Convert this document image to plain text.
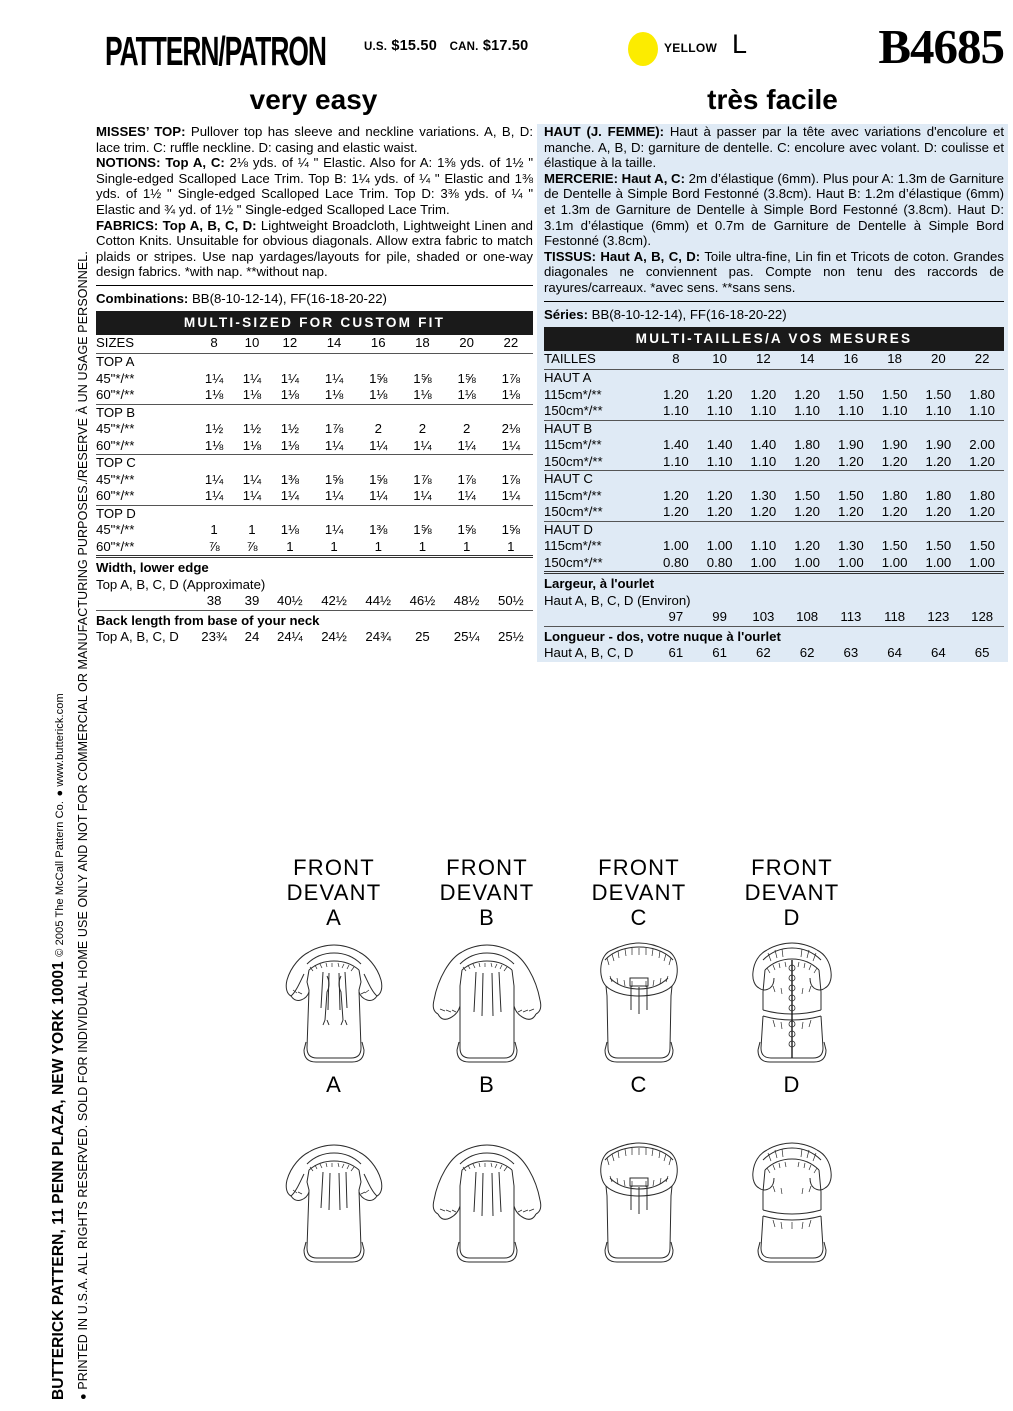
● PRINTED IN U.S.A. ALL RIGHTS RESERVED. SOLD FOR INDIVIDUAL HOME USE ONLY AND NOT FOR COMMERCIAL OR MANUFACTURING PURPOSES./RESERVE À UN USAGE PERSONNEL.
BUTTERICK PATTERN, 11 PENN PLAZA, NEW YORK 10001 © 2005 The McCall Pattern Co. ● www.butterick.com
PATTERN/PATRON	U.S. $15.50 CAN. $17.50	YELLOW L	B4685
very easy	très facile

MISSES’ TOP: Pullover top has sleeve and neckline variations. A, B, D: lace trim. C: ruffle neckline. D: casing and elastic waist.

NOTIONS: Top A, C: 2⅛ yds. of ¼ " Elastic. Also for A: 1⅜ yds. of 1½ " Single-edged Scalloped Lace Trim. Top B: 1¼ yds. of ¼ " Elastic and 1⅜ yds. of 1½ " Single-edged Scalloped Lace Trim. Top D: 3⅜ yds. of ¼ " Elastic and ¾ yd. of 1½ " Single-edged Scalloped Lace Trim.

FABRICS: Top A, B, C, D: Lightweight Broadcloth, Lightweight Linen and Cotton Knits. Unsuitable for obvious diagonals. Allow extra fabric to match plaids or stripes. Use nap yardages/layouts for pile, shaded or one-way design fabrics. *with nap. **without nap.

Combinations: BB(8-10-12-14), FF(16-18-20-22)
MULTI-SIZED FOR CUSTOM FIT
SIZES	8	10	12	14	16	18	20	22
TOP A								
45"*/**	1¼	1¼	1¼	1¼	1⅝	1⅝	1⅝	1⅞
60"*/**	1⅛	1⅛	1⅛	1⅛	1⅛	1⅛	1⅛	1⅛
TOP B								
45"*/**	1½	1½	1½	1⅞	2	2	2	2⅛
60"*/**	1⅛	1⅛	1⅛	1¼	1¼	1¼	1¼	1¼
TOP C								
45"*/**	1¼	1¼	1⅜	1⅝	1⅝	1⅞	1⅞	1⅞
60"*/**	1¼	1¼	1¼	1¼	1¼	1¼	1¼	1¼
TOP D								
45"*/**	1	1	1⅛	1¼	1⅜	1⅝	1⅝	1⅝
60"*/**	⅞	⅞	1	1	1	1	1	1
Width, lower edge								
Top A, B, C, D (Approximate)								
	38	39	40½	42½	44½	46½	48½	50½
Back length from base of your neck								
Top A, B, C, D	23¾	24	24¼	24½	24¾	25	25¼	25½

HAUT (J. FEMME): Haut à passer par la tête avec variations d'encolure et manche. A, B, D: garniture de dentelle. C: encolure avec volant. D: coulisse et élastique à la taille.

MERCERIE: Haut A, C: 2m d’élastique (6mm). Plus pour A: 1.3m de Garniture de Dentelle à Simple Bord Festonné (3.8cm). Haut B: 1.2m d’élastique (6mm) et 1.3m de Garniture de Dentelle à Simple Bord Festonné (3.8cm). Haut D: 3.1m d’élastique (6mm) et 0.7m de Garniture de Dentelle à Simple Bord Festonné (3.8cm).

TISSUS: Haut A, B, C, D: Toile ultra-fine, Lin fin et Tricots de coton. Grandes diagonales ne conviennent pas. Compte non tenu des raccords de rayures/carreaux. *avec sens. **sans sens.

Séries: BB(8-10-12-14), FF(16-18-20-22)
MULTI-TAILLES/A VOS MESURES
TAILLES	8	10	12	14	16	18	20	22
HAUT A								
115cm*/**	1.20	1.20	1.20	1.20	1.50	1.50	1.50	1.80
150cm*/**	1.10	1.10	1.10	1.10	1.10	1.10	1.10	1.10
HAUT B								
115cm*/**	1.40	1.40	1.40	1.80	1.90	1.90	1.90	2.00
150cm*/**	1.10	1.10	1.10	1.20	1.20	1.20	1.20	1.20
HAUT C								
115cm*/**	1.20	1.20	1.30	1.50	1.50	1.80	1.80	1.80
150cm*/**	1.20	1.20	1.20	1.20	1.20	1.20	1.20	1.20
HAUT D								
115cm*/**	1.00	1.00	1.10	1.20	1.30	1.50	1.50	1.50
150cm*/**	0.80	0.80	1.00	1.00	1.00	1.00	1.00	1.00
Largeur, à l'ourlet								
Haut A, B, C, D (Environ)								
	97	99	103	108	113	118	123	128
Longueur - dos, votre nuque à l'ourlet								
Haut A, B, C, D	61	61	62	62	63	64	64	65
FRONT
DEVANT
A
A
FRONT
DEVANT
B
B
FRONT
DEVANT
C
C
FRONT
DEVANT
D
D
